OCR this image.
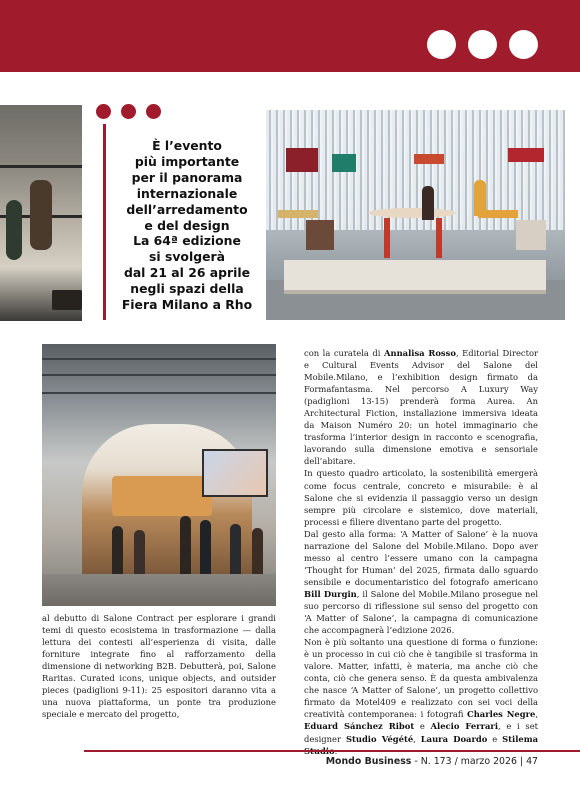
È l’evento
più importante
per il panorama
internazionale
dell’arredamento
e del design
La 64ª edizione
si svolgerà
dal 21 al 26 aprile
negli spazi della
Fiera Milano a Rho

con la curatela di Annalisa Rosso, Editorial Director e Cultural Events Advisor del Salone del Mobile.Milano, e l’exhibition design firmato da Formafantasma. Nel percorso A Luxury Way (padiglioni 13-15) prenderà forma Aurea. An Architectural Fiction, installazione immersiva ideata da Maison Numéro 20: un hotel immaginario che trasforma l’interior design in racconto e scenografia, lavorando sulla dimensione emotiva e sensoriale dell’abitare.

In questo quadro articolato, la sostenibilità emergerà come focus centrale, concreto e misurabile: è al Salone che si evidenzia il passaggio verso un design sempre più circolare e sistemico, dove materiali, processi e filiere diventano parte del progetto.

Dal gesto alla forma: ‘A Matter of Salone’ è la nuova narrazione del Salone del Mobile.Milano. Dopo aver messo al centro l’essere umano con la campagna ‘Thought for Human’ del 2025, firmata dallo sguardo sensibile e documentaristico del fotografo americano Bill Durgin, il Salone del Mobile.Milano prosegue nel suo percorso di riflessione sul senso del progetto con ‘A Matter of Salone’, la campagna di comunicazione che accompagnerà l’edizione 2026.

Non è più soltanto una questione di forma o funzione: è un processo in cui ciò che è tangibile si trasforma in valore. Matter, infatti, è materia, ma anche ciò che conta, ciò che genera senso. È da questa ambivalenza che nasce ‘A Matter of Salone’, un progetto collettivo firmato da Motel409 e realizzato con sei voci della creatività contemporanea: i fotografi Charles Negre, Eduard Sánchez Ribot e Alecio Ferrari, e i set designer Studio Végété, Laura Doardo e Stilema

al debutto di Salone Contract per esplorare i grandi temi di questo ecosistema in trasformazione — dalla lettura dei contesti all’esperienza di visita, dalle forniture integrate fino al rafforzamento della dimensione di networking B2B. Debutterà, poi, Salone Raritas. Curated icons, unique objects, and outsider pieces (padiglioni 9-11): 25 espositori daranno vita a una nuova piattaforma, un ponte tra produzione speciale e mercato del progetto,

Mondo Business - N. 173 / marzo 2026 | 47
